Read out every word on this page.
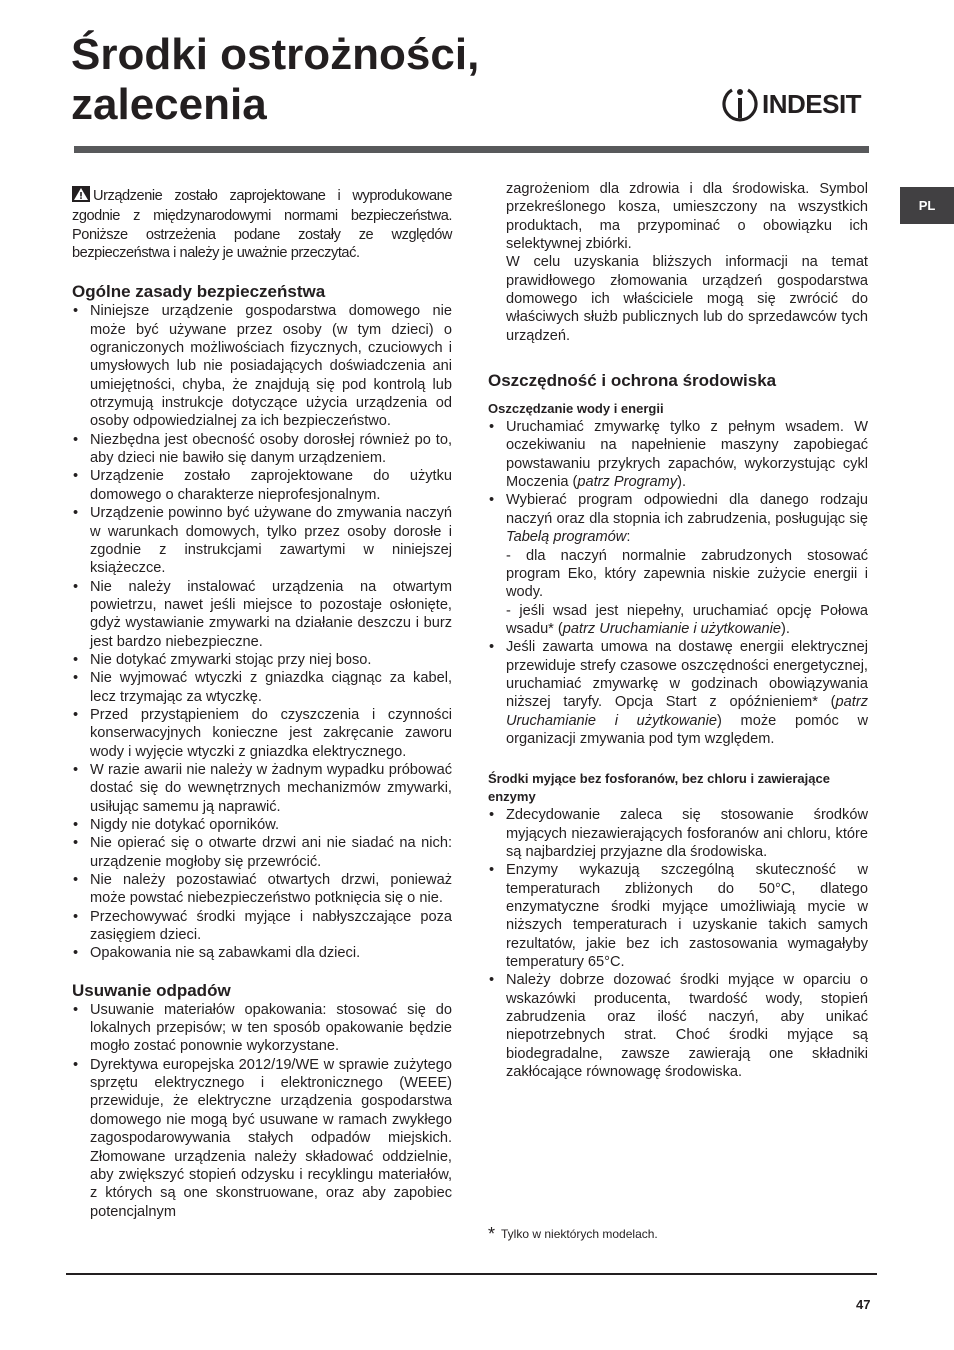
Środki ostrożności,
zalecenia	INDESIT
PL

Urządzenie zostało zaprojektowane i wyprodukowane zgodnie z międzynarodowymi normami bezpieczeństwa. Poniższe ostrzeżenia podane zostały ze względów bezpieczeństwa i należy je uważnie przeczytać.

Ogólne zasady bezpieczeństwa
• Niniejsze urządzenie gospodarstwa domowego nie może być używane przez osoby (w tym dzieci) o ograniczonych możliwościach fizycznych, czuciowych i umysłowych lub nie posiadających doświadczenia ani umiejętności, chyba, że znajdują się pod kontrolą lub otrzymują instrukcje dotyczące użycia urządzenia od osoby odpowiedzialnej za ich bezpieczeństwo.
• Niezbędna jest obecność osoby dorosłej również po to, aby dzieci nie bawiło się danym urządzeniem.
• Urządzenie zostało zaprojektowane do użytku domowego o charakterze nieprofesjonalnym.
• Urządzenie powinno być używane do zmywania naczyń w warunkach domowych, tylko przez osoby dorosłe i zgodnie z instrukcjami zawartymi w niniejszej książeczce.
• Nie należy instalować urządzenia na otwartym powietrzu, nawet jeśli miejsce to pozostaje osłonięte, gdyż wystawianie zmywarki na działanie deszczu i burz jest bardzo niebezpieczne.
• Nie dotykać zmywarki stojąc przy niej boso.
• Nie wyjmować wtyczki z gniazdka ciągnąc za kabel, lecz trzymając za wtyczkę.
• Przed przystąpieniem do czyszczenia i czynności konserwacyjnych konieczne jest zakręcanie zaworu wody i wyjęcie wtyczki z gniazdka elektrycznego.
• W razie awarii nie należy w żadnym wypadku próbować dostać się do wewnętrznych mechanizmów zmywarki, usiłując samemu ją naprawić.
• Nigdy nie dotykać oporników.
• Nie opierać się o otwarte drzwi ani nie siadać na nich: urządzenie mogłoby się przewrócić.
• Nie należy pozostawiać otwartych drzwi, ponieważ może powstać niebezpieczeństwo potknięcia się o nie.
• Przechowywać środki myjące i nabłyszczające poza zasięgiem dzieci.
• Opakowania nie są zabawkami dla dzieci.
Usuwanie odpadów
• Usuwanie materiałów opakowania: stosować się do lokalnych przepisów; w ten sposób opakowanie będzie mogło zostać ponownie wykorzystane.
• Dyrektywa europejska 2012/19/WE w sprawie zużytego sprzętu elektrycznego i elektronicznego (WEEE) przewiduje, że elektryczne urządzenia gospodarstwa domowego nie mogą być usuwane w ramach zwykłego zagospodarowywania stałych odpadów miejskich. Złomowane urządzenia należy składować oddzielnie, aby zwiększyć stopień odzysku i recyklingu materiałów, z których są one skonstruowane, oraz aby zapobiec potencjalnym

zagrożeniom dla zdrowia i dla środowiska. Symbol przekreślonego kosza, umieszczony na wszystkich produktach, ma przypominać o obowiązku ich selektywnej zbiórki.

W celu uzyskania bliższych informacji na temat prawidłowego złomowania urządzeń gospodarstwa domowego ich właściciele mogą się zwrócić do właściwych służb publicznych lub do sprzedawców tych urządzeń.

Oszczędność i ochrona środowiska
Oszczędzanie wody i energii
• Uruchamiać zmywarkę tylko z pełnym wsadem. W oczekiwaniu na napełnienie maszyny zapobiegać powstawaniu przykrych zapachów, wykorzystując cykl Moczenia (patrz Programy).
• Wybierać program odpowiedni dla danego rodzaju naczyń oraz dla stopnia ich zabrudzenia, posługując się Tabelą programów:
- dla naczyń normalnie zabrudzonych stosować program Eko, który zapewnia niskie zużycie energii i wody.
- jeśli wsad jest niepełny, uruchamiać opcję Połowa wsadu* (patrz Uruchamianie i użytkowanie).
• Jeśli zawarta umowa na dostawę energii elektrycznej przewiduje strefy czasowe oszczędności energetycznej, uruchamiać zmywarkę w godzinach obowiązywania niższej taryfy. Opcja Start z opóźnieniem* (patrz Uruchamianie i użytkowanie) może pomóc w organizacji zmywania pod tym względem.
Środki myjące bez fosforanów, bez chloru i zawierające enzymy
• Zdecydowanie zaleca się stosowanie środków myjących niezawierających fosforanów ani chloru, które są najbardziej przyjazne dla środowiska.
• Enzymy wykazują szczególną skuteczność w temperaturach zbliżonych do 50°C, dlatego enzymatyczne środki myjące umożliwiają mycie w niższych temperaturach i uzyskanie takich samych rezultatów, jakie bez ich zastosowania wymagałyby temperatury 65°C.
• Należy dobrze dozować środki myjące w oparciu o wskazówki producenta, twardość wody, stopień zabrudzenia oraz ilość naczyń, aby unikać niepotrzebnych strat. Choć środki myjące są biodegradalne, zawsze zawierają one składniki zakłócające równowagę środowiska.
* Tylko w niektórych modelach.
47
